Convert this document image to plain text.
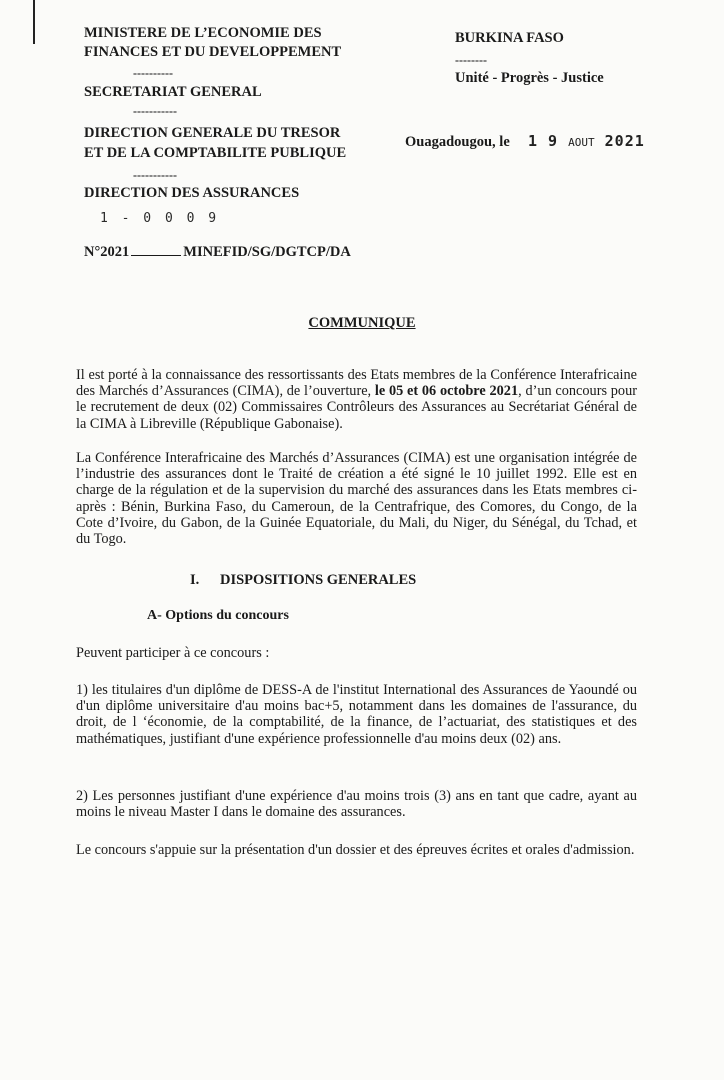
MINISTERE DE L’ECONOMIE DES
FINANCES ET DU DEVELOPPEMENT
----------
SECRETARIAT GENERAL
-----------
DIRECTION GENERALE DU TRESOR
ET DE LA COMPTABILITE PUBLIQUE
-----------
DIRECTION DES ASSURANCES
1 - 0 0 0 9
N°2021	MINEFID/SG/DGTCP/DA
BURKINA FASO
--------
Unité - Progrès - Justice
Ouagadougou, le 1 9 AOUT 2021
COMMUNIQUE
Il est porté à la connaissance des ressortissants des Etats membres de la Conférence Interafricaine des Marchés d’Assurances (CIMA), de l’ouverture, le 05 et 06 octobre 2021, d’un concours pour le recrutement de deux (02) Commissaires Contrôleurs des Assurances au Secrétariat Général de la CIMA à Libreville (République Gabonaise).
La Conférence Interafricaine des Marchés d’Assurances (CIMA) est une organisation intégrée de l’industrie des assurances dont le Traité de création a été signé le 10 juillet 1992. Elle est en charge de la régulation et de la supervision du marché des assurances dans les Etats membres ci-après : Bénin, Burkina Faso, du Cameroun, de la Centrafrique, des Comores, du Congo, de la Cote d’Ivoire, du Gabon, de la Guinée Equatoriale, du Mali, du Niger, du Sénégal, du Tchad, et du Togo.
I. DISPOSITIONS GENERALES
A- Options du concours
Peuvent participer à ce concours :
1) les titulaires d'un diplôme de DESS-A de l'institut International des Assurances de Yaoundé ou d'un diplôme universitaire d'au moins bac+5, notamment dans les domaines de l'assurance, du droit, de l ‘économie, de la comptabilité, de la finance, de l’actuariat, des statistiques et des mathématiques, justifiant d'une expérience professionnelle d'au moins deux (02) ans.
2) Les personnes justifiant d'une expérience d'au moins trois (3) ans en tant que cadre, ayant au moins le niveau Master I dans le domaine des assurances.
Le concours s'appuie sur la présentation d'un dossier et des épreuves écrites et orales d'admission.
